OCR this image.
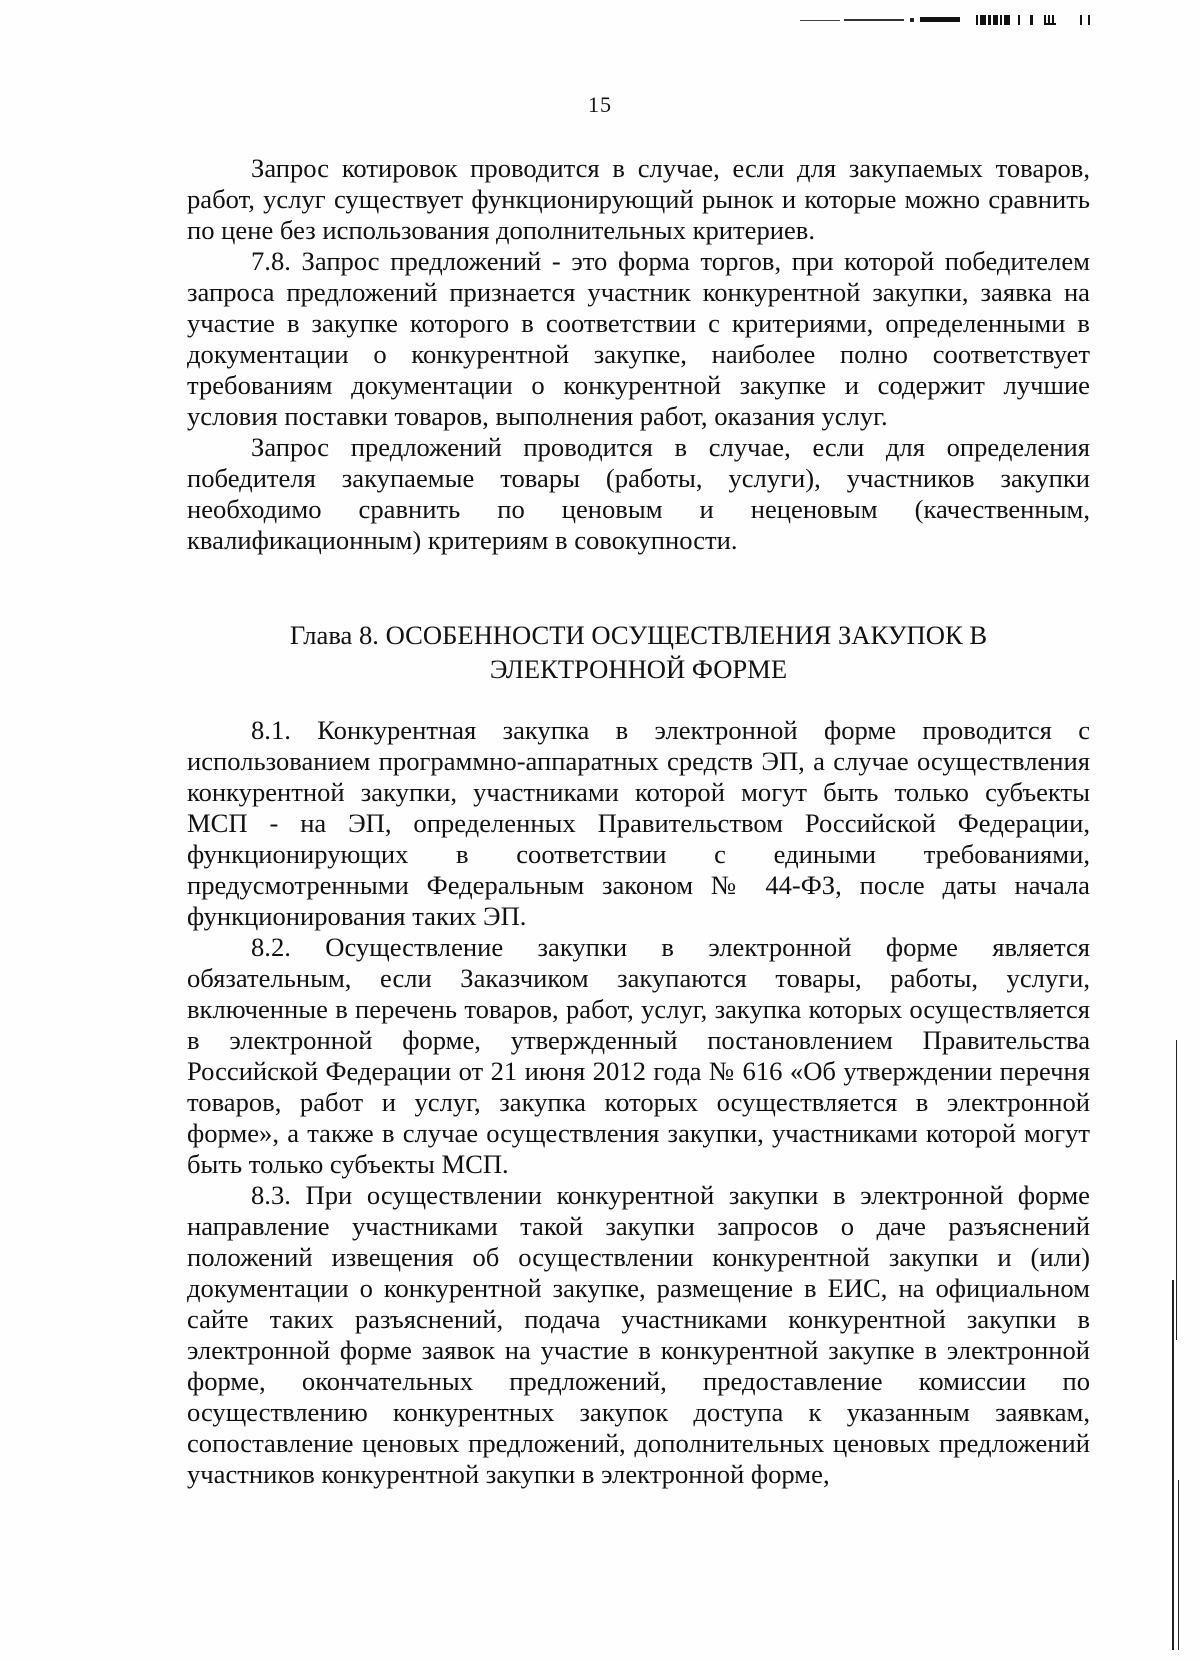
15

Запрос котировок проводится в случае, если для закупаемых товаров, работ, услуг существует функционирующий рынок и которые можно сравнить по цене без использования дополнительных критериев.

7.8. Запрос предложений - это форма торгов, при которой победителем запроса предложений признается участник конкурентной закупки, заявка на участие в закупке которого в соответствии с критериями, определенными в документации о конкурентной закупке, наиболее полно соответствует требованиям документации о конкурентной закупке и содержит лучшие условия поставки товаров, выполнения работ, оказания услуг.

Запрос предложений проводится в случае, если для определения победителя закупаемые товары (работы, услуги), участников закупки необходимо сравнить по ценовым и неценовым (качественным, квалификационным) критериям в совокупности.

Глава 8. ОСОБЕННОСТИ ОСУЩЕСТВЛЕНИЯ ЗАКУПОК В
ЭЛЕКТРОННОЙ ФОРМЕ

8.1. Конкурентная закупка в электронной форме проводится с использованием программно-аппаратных средств ЭП, а случае осуществления конкурентной закупки, участниками которой могут быть только субъекты МСП - на ЭП, определенных Правительством Российской Федерации, функционирующих в соответствии с едиными требованиями, предусмотренными Федеральным законом № 44-ФЗ, после даты начала функционирования таких ЭП.

8.2. Осуществление закупки в электронной форме является обязательным, если Заказчиком закупаются товары, работы, услуги, включенные в перечень товаров, работ, услуг, закупка которых осуществляется в электронной форме, утвержденный постановлением Правительства Российской Федерации от 21 июня 2012 года № 616 «Об утверждении перечня товаров, работ и услуг, закупка которых осуществляется в электронной форме», а также в случае осуществления закупки, участниками которой могут быть только субъекты МСП.

8.3. При осуществлении конкурентной закупки в электронной форме направление участниками такой закупки запросов о даче разъяснений положений извещения об осуществлении конкурентной закупки и (или) документации о конкурентной закупке, размещение в ЕИС, на официальном сайте таких разъяснений, подача участниками конкурентной закупки в электронной форме заявок на участие в конкурентной закупке в электронной форме, окончательных предложений, предоставление комиссии по осуществлению конкурентных закупок доступа к указанным заявкам, сопоставление ценовых предложений, дополнительных ценовых предложений участников конкурентной закупки в электронной форме,
